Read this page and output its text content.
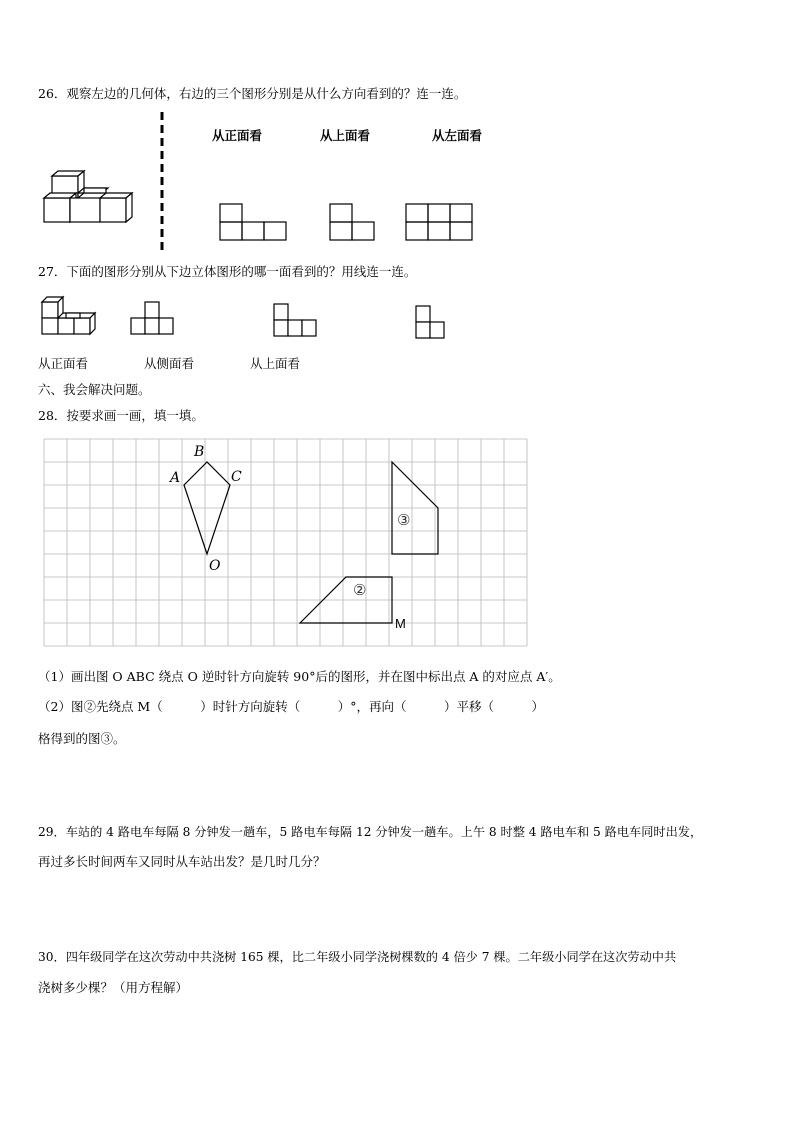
26．观察左边的几何体，右边的三个图形分别是从什么方向看到的？连一连。
从正面看	从上面看	从左面看
27．下面的图形分别从下边立体图形的哪一面看到的？用线连一连。
从正面看	从侧面看	从上面看
六、我会解决问题。
28．按要求画一画，填一填。
B
A	C
O
M
②
③
（1）画出图 O ABC 绕点 O 逆时针方向旋转 90°后的图形，并在图中标出点 A 的对应点 A′。
（2）图②先绕点 M（　　　）时针方向旋转（　　　）°，再向（　　　）平移（　　　）
格得到的图③。
29．车站的 4 路电车每隔 8 分钟发一趟车，5 路电车每隔 12 分钟发一趟车。上午 8 时整 4 路电车和 5 路电车同时出发，
再过多长时间两车又同时从车站出发？是几时几分？
30．四年级同学在这次劳动中共浇树 165 棵，比二年级小同学浇树棵数的 4 倍少 7 棵。二年级小同学在这次劳动中共
浇树多少棵？（用方程解）
